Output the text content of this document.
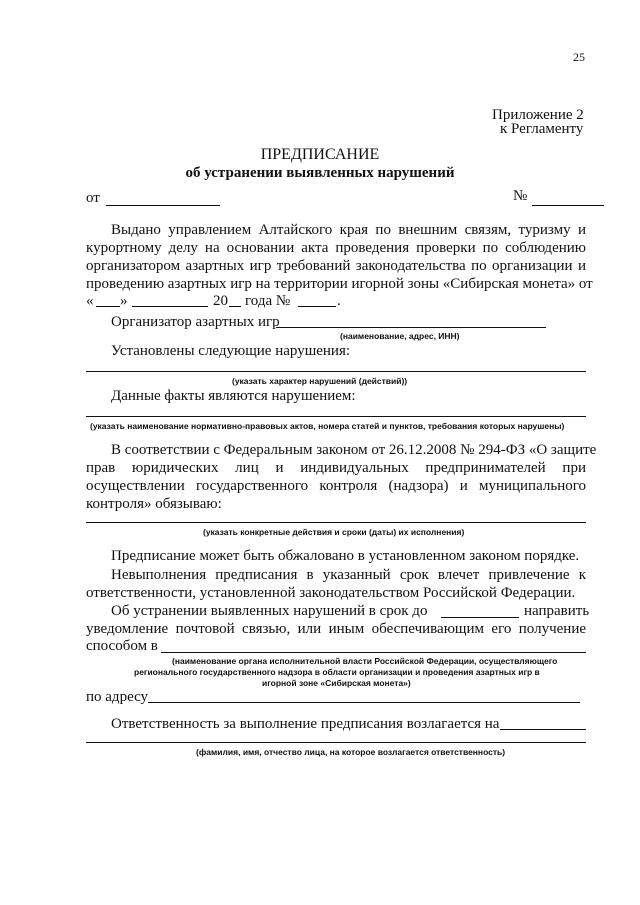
25
Приложение 2
к Регламенту
ПРЕДПИСАНИЕ
об устранении выявленных нарушений
от	№
Выдано управлением Алтайского края по внешним связям, туризму и
курортному делу на основании акта проведения проверки по соблюдению
организатором азартных игр требований законодательства по организации и
проведению азартных игр на территории игорной зоны «Сибирская монета» от
« »	20 года №	.
Организатор азартных игр
(наименование, адрес, ИНН)
Установлены следующие нарушения:
(указать характер нарушений (действий))
Данные факты являются нарушением:
(указать наименование нормативно-правовых актов, номера статей и пунктов, требования которых нарушены)
В соответствии с Федеральным законом от 26.12.2008 № 294-ФЗ «О защите
прав юридических лиц и индивидуальных предпринимателей при
осуществлении государственного контроля (надзора) и муниципального
контроля» обязываю:
(указать конкретные действия и сроки (даты) их исполнения)
Предписание может быть обжаловано в установленном законом порядке.
Невыполнения предписания в указанный срок влечет привлечение к
ответственности, установленной законодательством Российской Федерации.
Об устранении выявленных нарушений в срок до	направить
уведомление почтовой связью, или иным обеспечивающим его получение
способом в
(наименование органа исполнительной власти Российской Федерации, осуществляющего
регионального государственного надзора в области организации и проведения азартных игр в
игорной зоне «Сибирская монета»)
по адресу
Ответственность за выполнение предписания возлагается на
(фамилия, имя, отчество лица, на которое возлагается ответственность)
